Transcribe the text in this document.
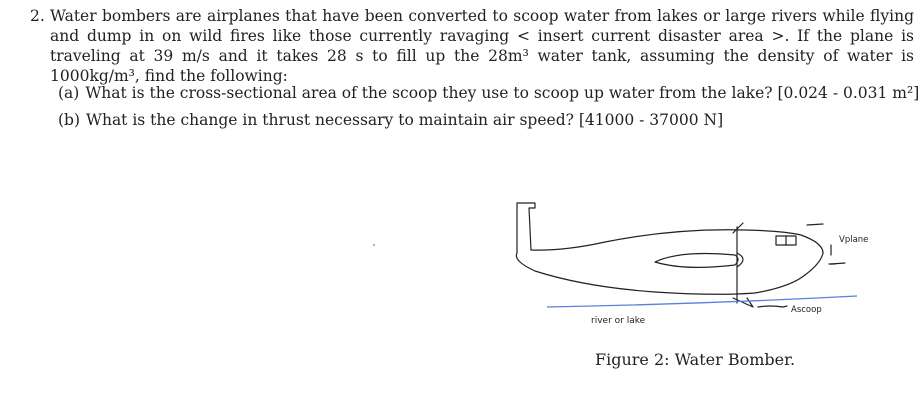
2. Water bombers are airplanes that have been converted to scoop water from lakes or large rivers while flying and dump in on wild fires like those currently ravaging < insert current disaster area >. If the plane is traveling at 39 m/s and it takes 28 s to fill up the 28m³ water tank, assuming the density of water is 1000kg/m³, find the following:
(a) What is the cross-sectional area of the scoop they use to scoop up water from the lake? [0.024 - 0.031 m²]
(b) What is the change in thrust necessary to maintain air speed? [41000 - 37000 N]
Vplane
Ascoop
river or lake
Figure 2: Water Bomber.
